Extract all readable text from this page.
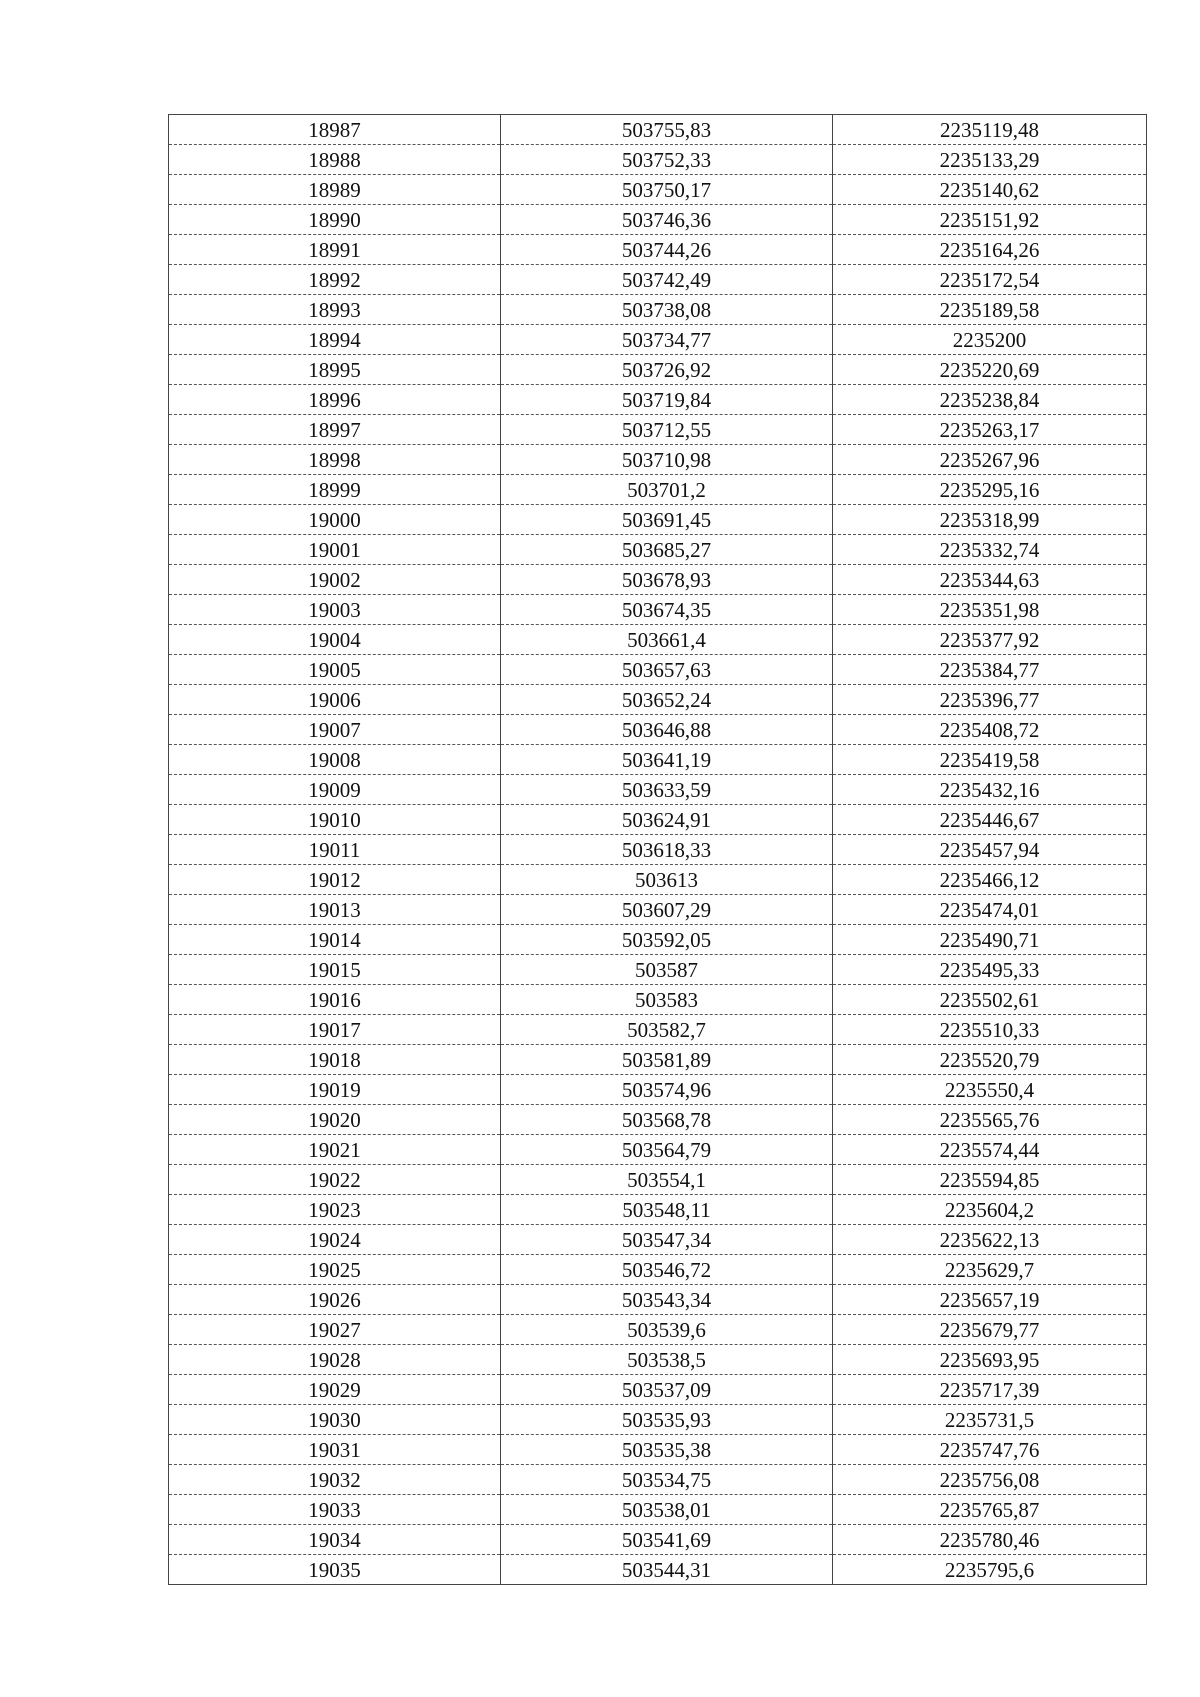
18987	503755,83	2235119,48
18988	503752,33	2235133,29
18989	503750,17	2235140,62
18990	503746,36	2235151,92
18991	503744,26	2235164,26
18992	503742,49	2235172,54
18993	503738,08	2235189,58
18994	503734,77	2235200
18995	503726,92	2235220,69
18996	503719,84	2235238,84
18997	503712,55	2235263,17
18998	503710,98	2235267,96
18999	503701,2	2235295,16
19000	503691,45	2235318,99
19001	503685,27	2235332,74
19002	503678,93	2235344,63
19003	503674,35	2235351,98
19004	503661,4	2235377,92
19005	503657,63	2235384,77
19006	503652,24	2235396,77
19007	503646,88	2235408,72
19008	503641,19	2235419,58
19009	503633,59	2235432,16
19010	503624,91	2235446,67
19011	503618,33	2235457,94
19012	503613	2235466,12
19013	503607,29	2235474,01
19014	503592,05	2235490,71
19015	503587	2235495,33
19016	503583	2235502,61
19017	503582,7	2235510,33
19018	503581,89	2235520,79
19019	503574,96	2235550,4
19020	503568,78	2235565,76
19021	503564,79	2235574,44
19022	503554,1	2235594,85
19023	503548,11	2235604,2
19024	503547,34	2235622,13
19025	503546,72	2235629,7
19026	503543,34	2235657,19
19027	503539,6	2235679,77
19028	503538,5	2235693,95
19029	503537,09	2235717,39
19030	503535,93	2235731,5
19031	503535,38	2235747,76
19032	503534,75	2235756,08
19033	503538,01	2235765,87
19034	503541,69	2235780,46
19035	503544,31	2235795,6
